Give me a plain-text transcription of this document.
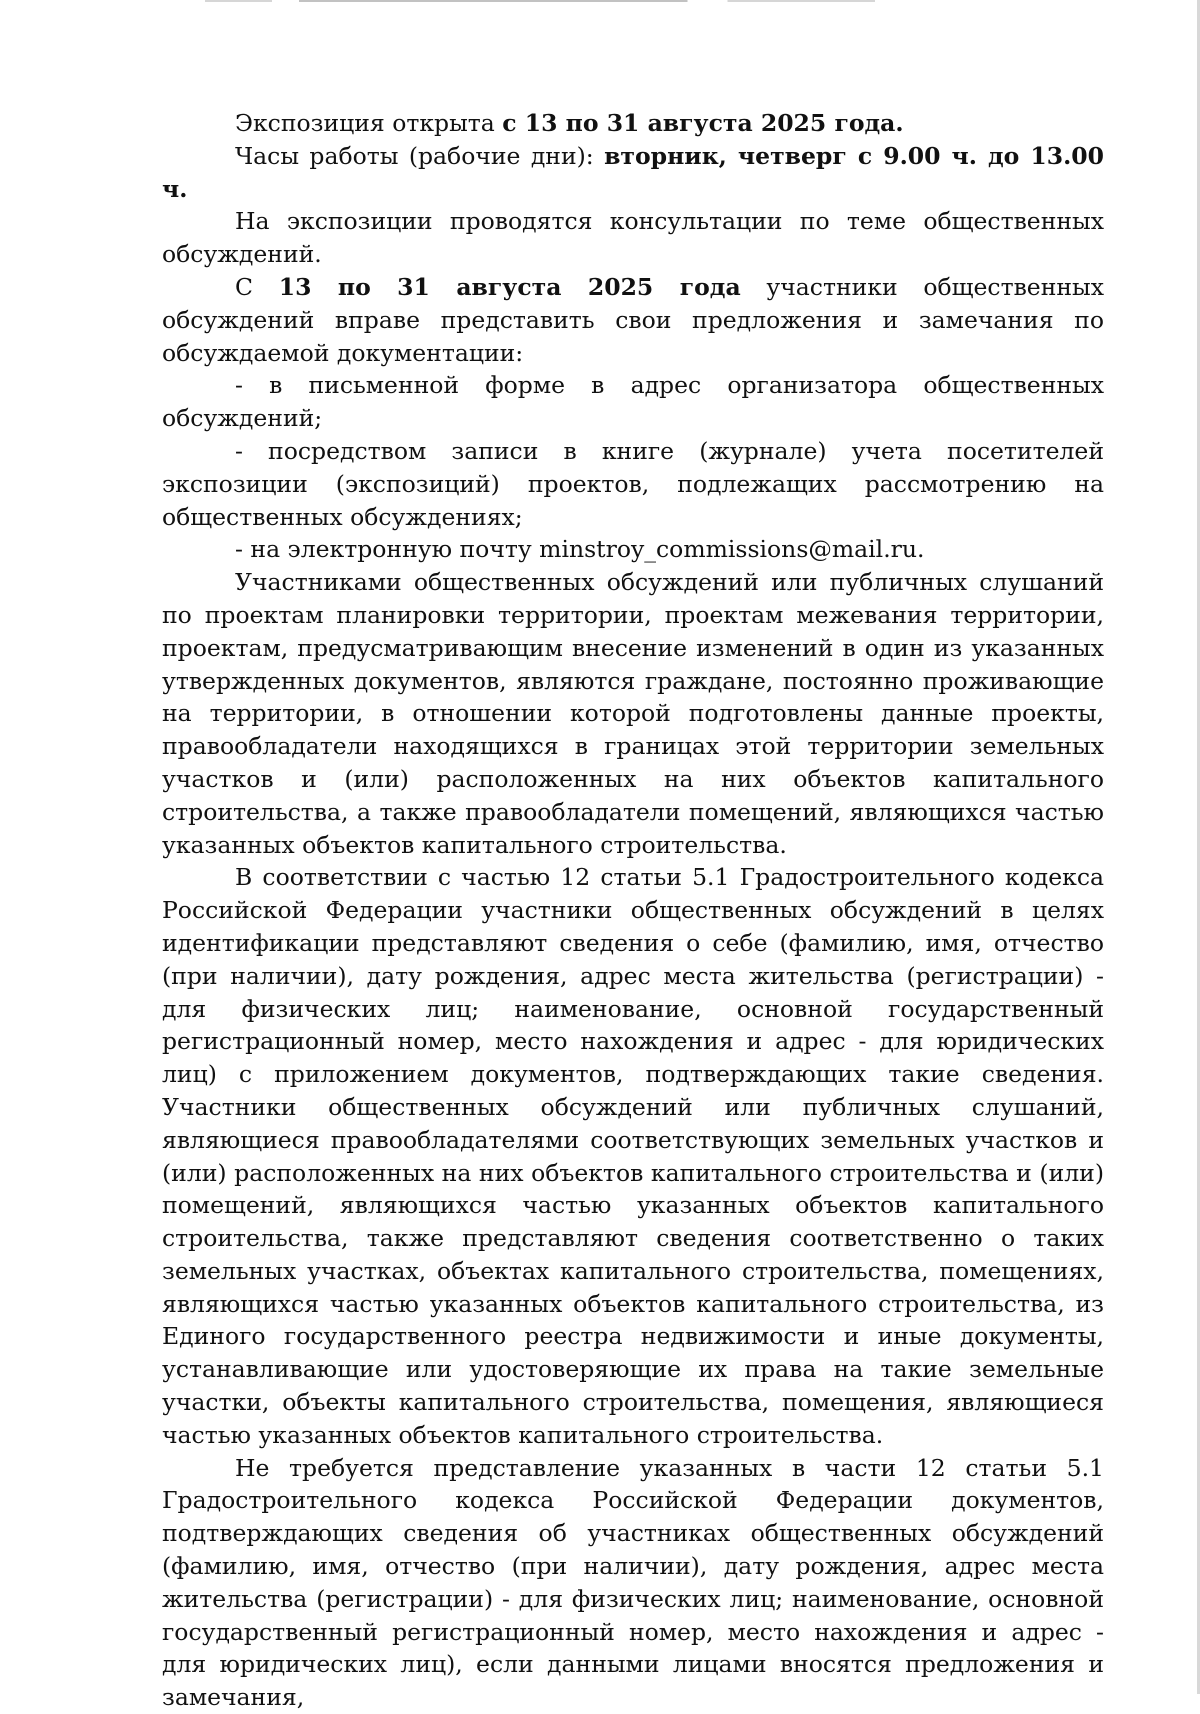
Экспозиция открыта с 13 по 31 августа 2025 года.

Часы работы (рабочие дни): вторник, четверг с 9.00 ч. до 13.00 ч.

На экспозиции проводятся консультации по теме общественных обсуждений.

С 13 по 31 августа 2025 года участники общественных обсуждений вправе представить свои предложения и замечания по обсуждаемой документации:

- в письменной форме в адрес организатора общественных обсуждений;

- посредством записи в книге (журнале) учета посетителей экспозиции (экспозиций) проектов, подлежащих рассмотрению на общественных обсуждениях;

- на электронную почту minstroy_commissions@mail.ru.

Участниками общественных обсуждений или публичных слушаний по проектам планировки территории, проектам межевания территории, проектам, предусматривающим внесение изменений в один из указанных утвержденных документов, являются граждане, постоянно проживающие на территории, в отношении которой подготовлены данные проекты, правообладатели находящихся в границах этой территории земельных участков и (или) расположенных на них объектов капитального строительства, а также правообладатели помещений, являющихся частью указанных объектов капитального строительства.

В соответствии с частью 12 статьи 5.1 Градостроительного кодекса Российской Федерации участники общественных обсуждений в целях идентификации представляют сведения о себе (фамилию, имя, отчество (при наличии), дату рождения, адрес места жительства (регистрации) - для физических лиц; наименование, основной государственный регистрационный номер, место нахождения и адрес - для юридических лиц) с приложением документов, подтверждающих такие сведения. Участники общественных обсуждений или публичных слушаний, являющиеся правообладателями соответствующих земельных участков и (или) расположенных на них объектов капитального строительства и (или) помещений, являющихся частью указанных объектов капитального строительства, также представляют сведения соответственно о таких земельных участках, объектах капитального строительства, помещениях, являющихся частью указанных объектов капитального строительства, из Единого государственного реестра недвижимости и иные документы, устанавливающие или удостоверяющие их права на такие земельные участки, объекты капитального строительства, помещения, являющиеся частью указанных объектов капитального строительства.

Не требуется представление указанных в части 12 статьи 5.1 Градостроительного кодекса Российской Федерации документов, подтверждающих сведения об участниках общественных обсуждений (фамилию, имя, отчество (при наличии), дату рождения, адрес места жительства (регистрации) - для физических лиц; наименование, основной государственный регистрационный номер, место нахождения и адрес - для юридических лиц), если данными лицами вносятся предложения и замечания,
